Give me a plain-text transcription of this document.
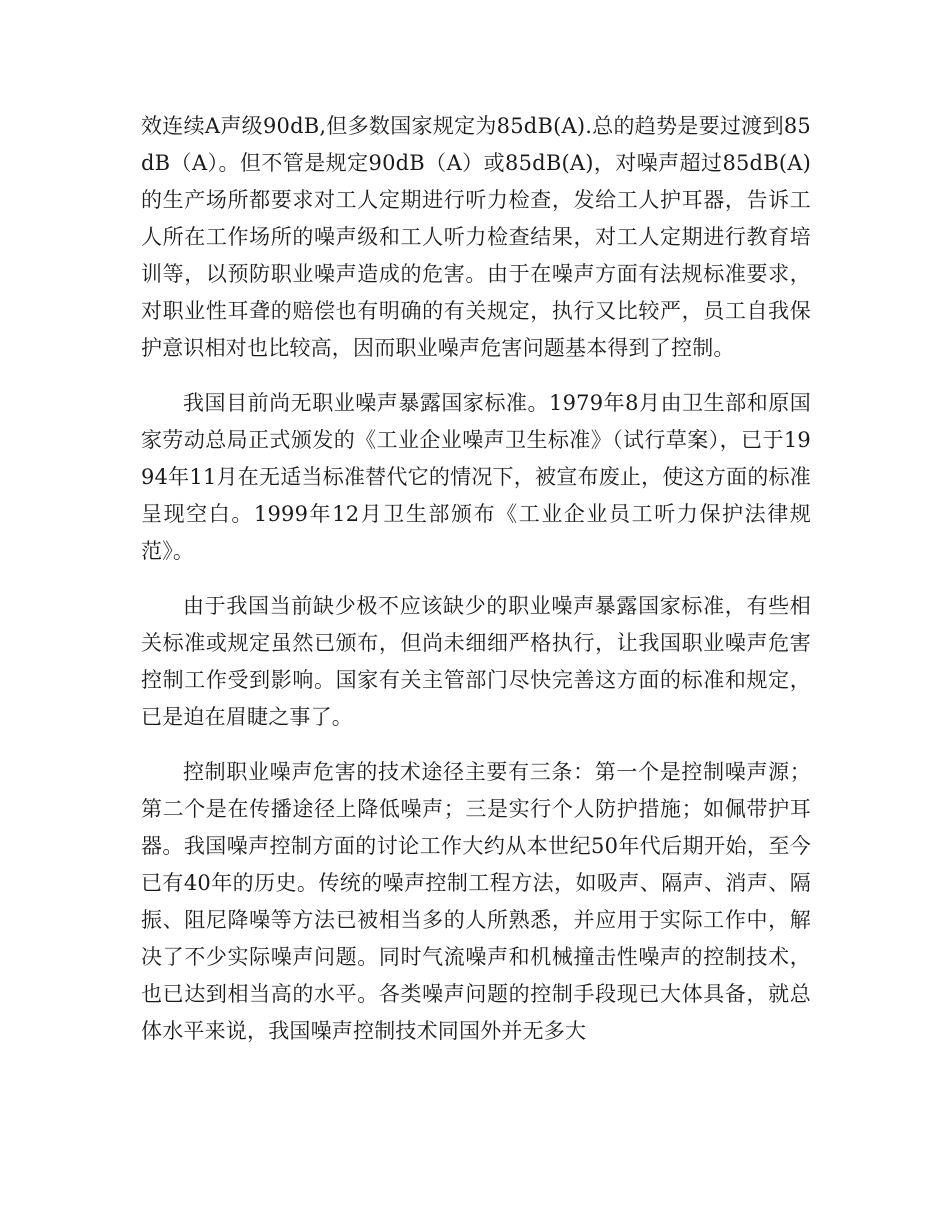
效连续A声级90dB,但多数国家规定为85dB(A).总的趋势是要过渡到85dB（A）。但不管是规定90dB（A）或85dB(A)，对噪声超过85dB(A)的生产场所都要求对工人定期进行听力检查，发给工人护耳器，告诉工人所在工作场所的噪声级和工人听力检查结果，对工人定期进行教育培训等，以预防职业噪声造成的危害。由于在噪声方面有法规标准要求，对职业性耳聋的赔偿也有明确的有关规定，执行又比较严，员工自我保护意识相对也比较高，因而职业噪声危害问题基本得到了控制。

我国目前尚无职业噪声暴露国家标准。1979年8月由卫生部和原国家劳动总局正式颁发的《工业企业噪声卫生标准》（试行草案），已于1994年11月在无适当标准替代它的情况下，被宣布废止，使这方面的标准呈现空白。1999年12月卫生部颁布《工业企业员工听力保护法律规范》。

由于我国当前缺少极不应该缺少的职业噪声暴露国家标准，有些相关标准或规定虽然已颁布，但尚未细细严格执行，让我国职业噪声危害控制工作受到影响。国家有关主管部门尽快完善这方面的标准和规定，已是迫在眉睫之事了。

控制职业噪声危害的技术途径主要有三条：第一个是控制噪声源；第二个是在传播途径上降低噪声；三是实行个人防护措施；如佩带护耳器。我国噪声控制方面的讨论工作大约从本世纪50年代后期开始，至今已有40年的历史。传统的噪声控制工程方法，如吸声、隔声、消声、隔振、阻尼降噪等方法已被相当多的人所熟悉，并应用于实际工作中，解决了不少实际噪声问题。同时气流噪声和机械撞击性噪声的控制技术，也已达到相当高的水平。各类噪声问题的控制手段现已大体具备，就总体水平来说，我国噪声控制技术同国外并无多大
